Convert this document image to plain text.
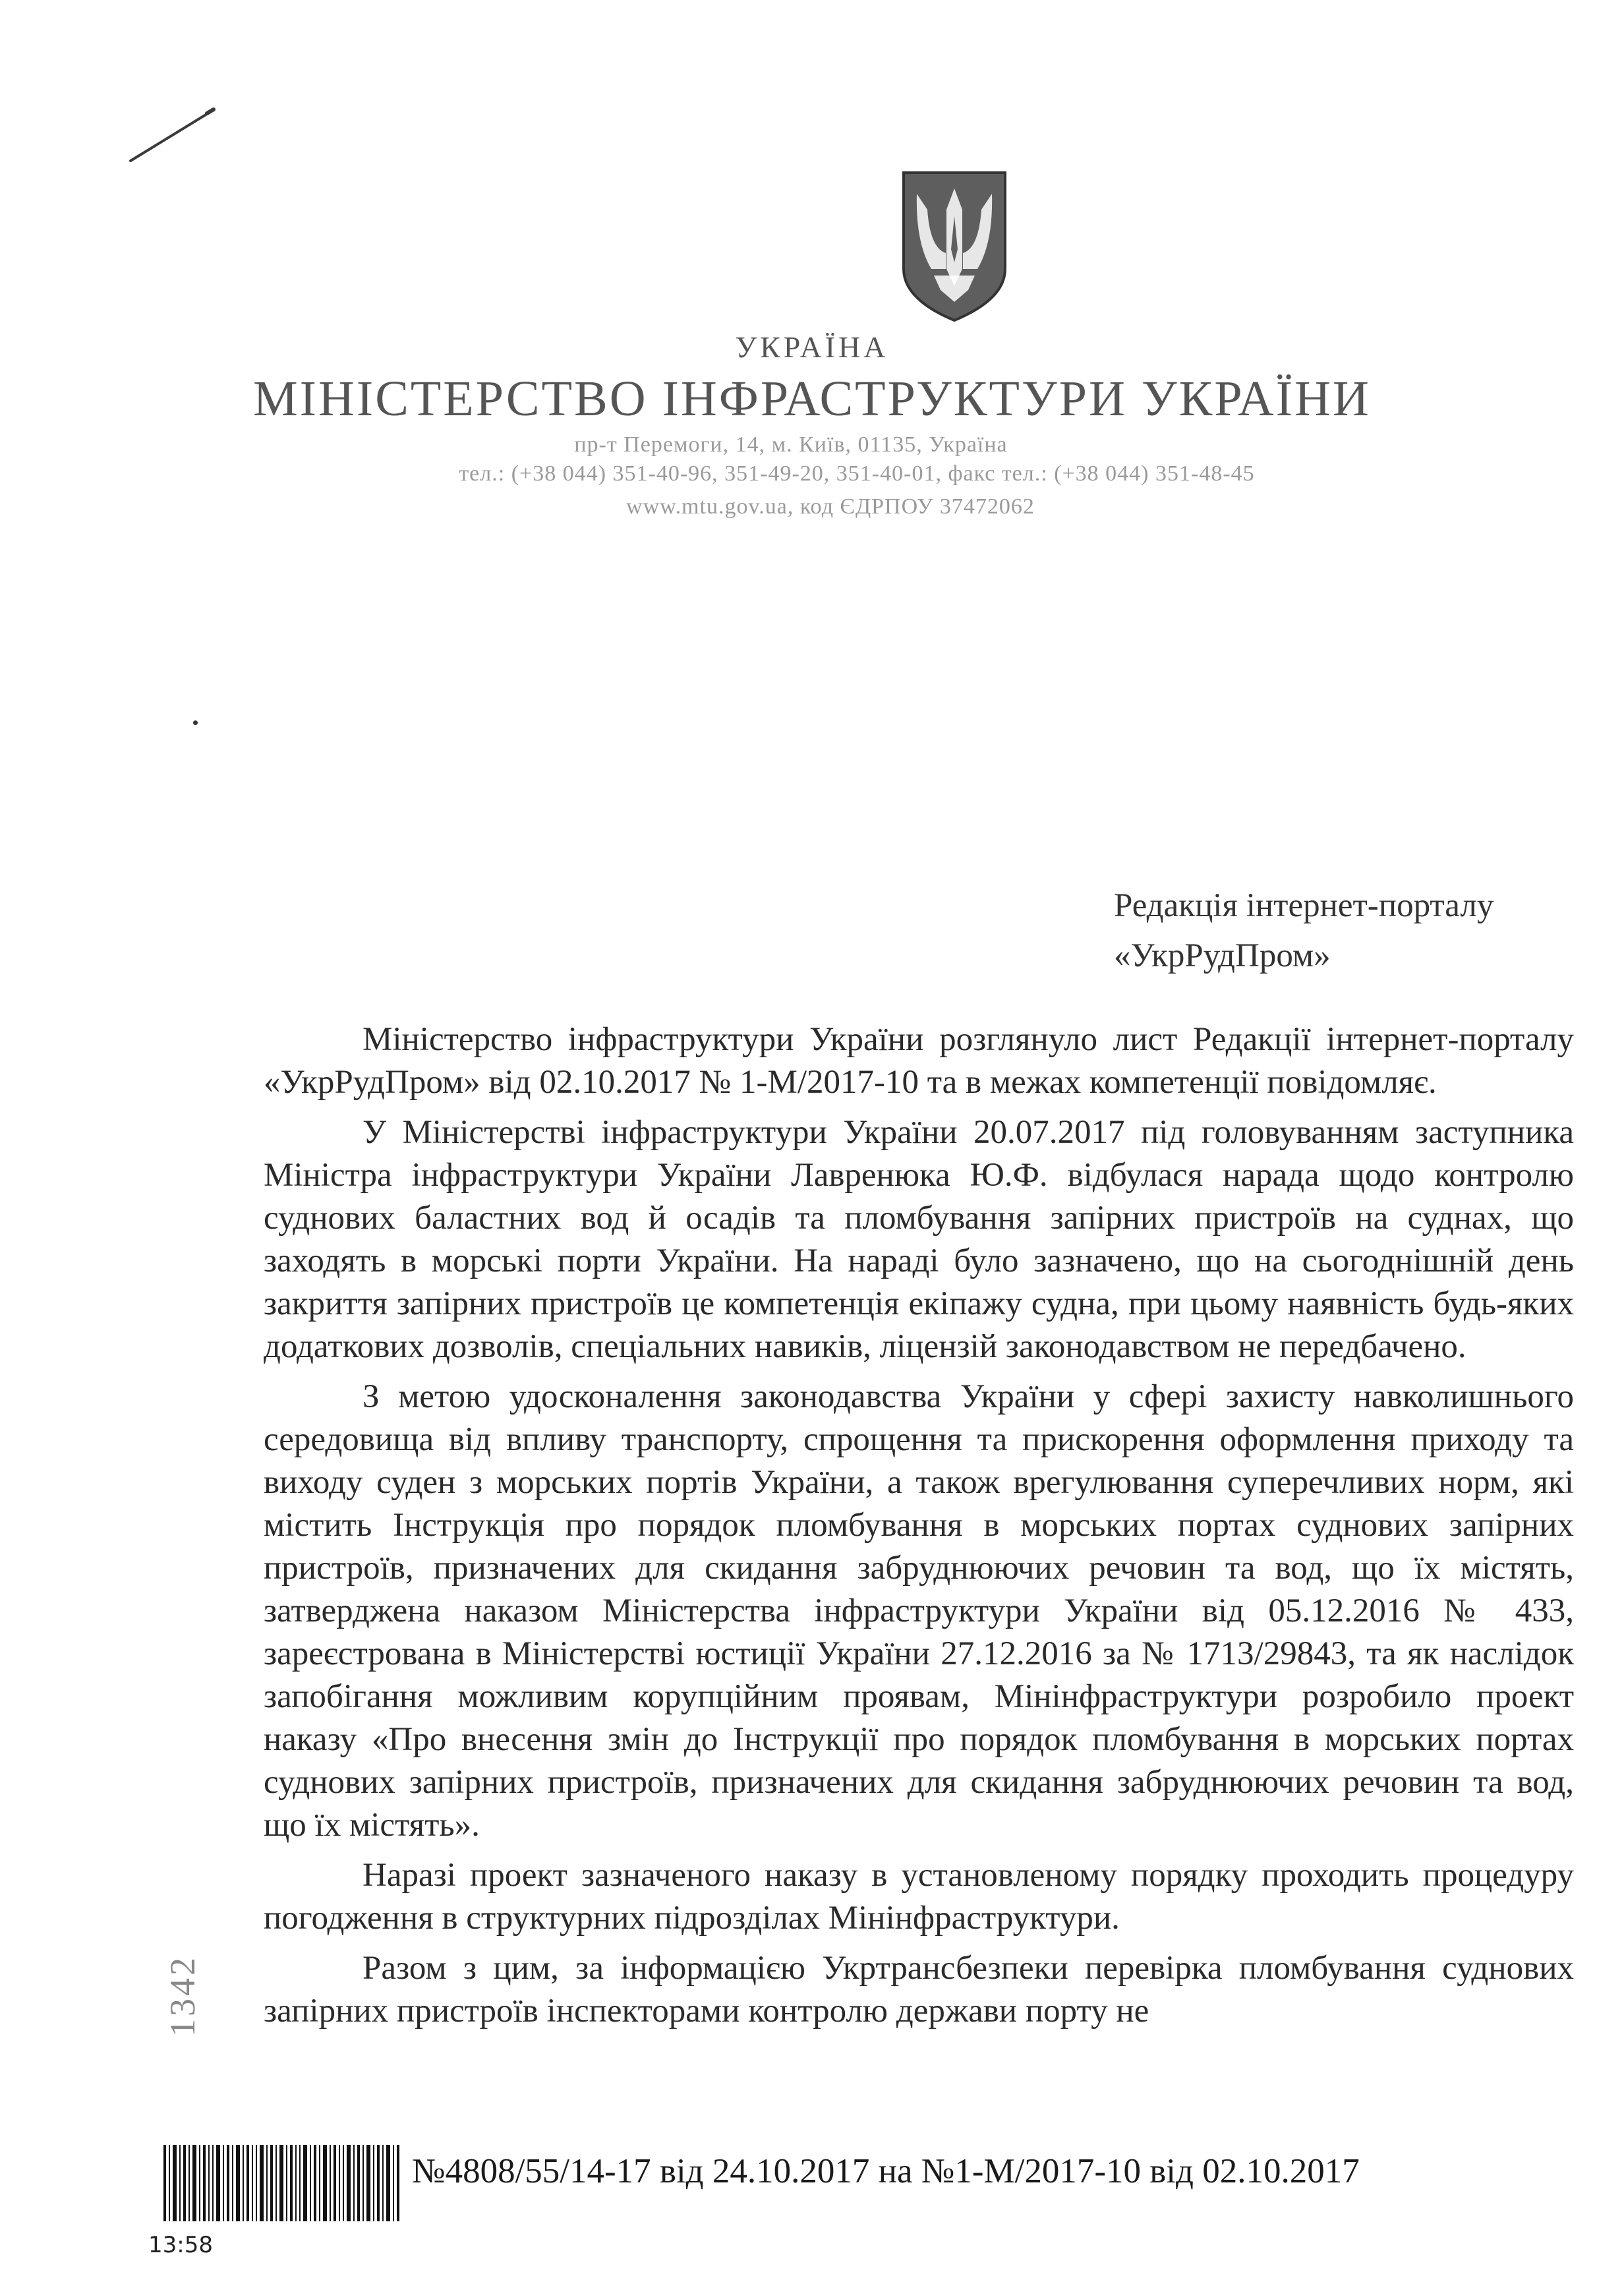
УКРАЇНА
МІНІСТЕРСТВО ІНФРАСТРУКТУРИ УКРАЇНИ
пр-т Перемоги, 14, м. Київ, 01135, Україна
тел.: (+38 044) 351-40-96, 351-49-20, 351-40-01, факс тел.: (+38 044) 351-48-45
www.mtu.gov.ua, код ЄДРПОУ 37472062
Редакція інтернет-порталу
«УкрРудПром»

Міністерство інфраструктури України розглянуло лист Редакції інтернет-порталу «УкрРудПром» від 02.10.2017 № 1-М/2017-10 та в межах компетенції повідомляє.

У Міністерстві інфраструктури України 20.07.2017 під головуванням заступника Міністра інфраструктури України Лавренюка Ю.Ф. відбулася нарада щодо контролю суднових баластних вод й осадів та пломбування запірних пристроїв на суднах, що заходять в морські порти України. На нараді було зазначено, що на сьогоднішній день закриття запірних пристроїв це компетенція екіпажу судна, при цьому наявність будь-яких додаткових дозволів, спеціальних навиків, ліцензій законодавством не передбачено.

З метою удосконалення законодавства України у сфері захисту навколишнього середовища від впливу транспорту, спрощення та прискорення оформлення приходу та виходу суден з морських портів України, а також врегулювання суперечливих норм, які містить Інструкція про порядок пломбування в морських портах суднових запірних пристроїв, призначених для скидання забруднюючих речовин та вод, що їх містять, затверджена наказом Міністерства інфраструктури України від 05.12.2016 № 433, зареєстрована в Міністерстві юстиції України 27.12.2016 за № 1713/29843, та як наслідок запобігання можливим корупційним проявам, Мінінфраструктури розробило проект наказу «Про внесення змін до Інструкції про порядок пломбування в морських портах суднових запірних пристроїв, призначених для скидання забруднюючих речовин та вод, що їх містять».

Наразі проект зазначеного наказу в установленому порядку проходить процедуру погодження в структурних підрозділах Мінінфраструктури.

Разом з цим, за інформацією Укртрансбезпеки перевірка пломбування суднових запірних пристроїв інспекторами контролю держави порту не

1342
№4808/55/14-17 від 24.10.2017 на №1-М/2017-10 від 02.10.2017
13:58
